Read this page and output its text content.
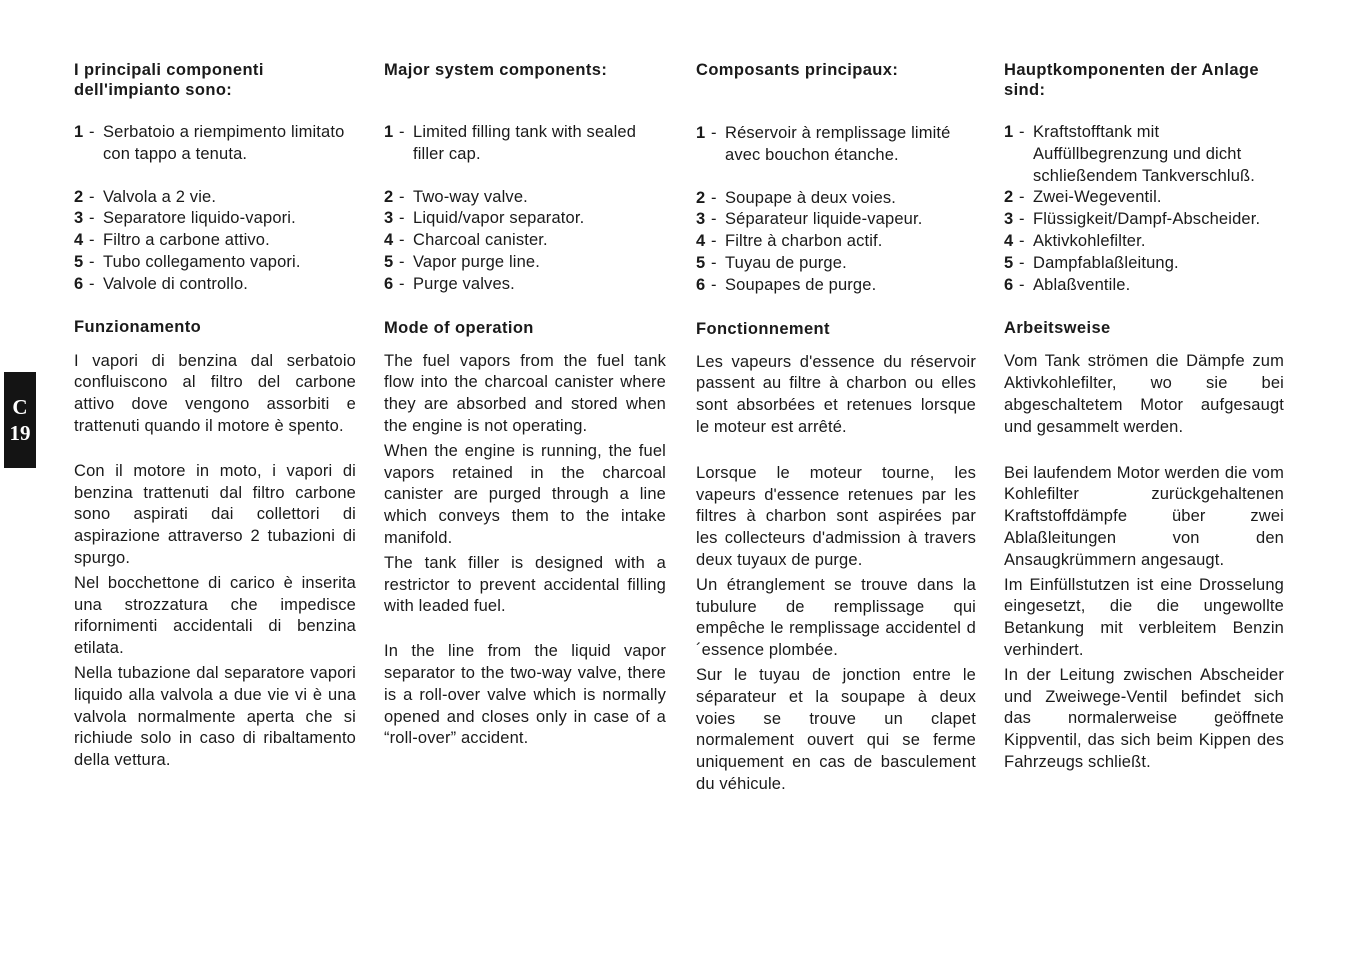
C
19
I principali componenti dell'impianto sono:
1 - Serbatoio a riempimento limitato con tappo a tenuta.
2 - Valvola a 2 vie.
3 - Separatore liquido-vapori.
4 - Filtro a carbone attivo.
5 - Tubo collegamento vapori.
6 - Valvole di controllo.
Funzionamento

I vapori di benzina dal serbatoio confluiscono al filtro del carbone attivo dove vengono assorbiti e trattenuti quando il motore è spento.

Con il motore in moto, i vapori di benzina trattenuti dal filtro carbone sono aspirati dai collettori di aspirazione attraverso 2 tubazioni di spurgo.

Nel bocchettone di carico è inserita una strozzatura che impedisce rifornimenti accidentali di benzina etilata.

Nella tubazione dal separatore vapori liquido alla valvola a due vie vi è una valvola normalmente aperta che si richiude solo in caso di ribaltamento della vettura.

Major system components:
1 - Limited filling tank with sealed filler cap.
2 - Two-way valve.
3 - Liquid/vapor separator.
4 - Charcoal canister.
5 - Vapor purge line.
6 - Purge valves.
Mode of operation

The fuel vapors from the fuel tank flow into the charcoal canister where they are absorbed and stored when the engine is not operating.

When the engine is running, the fuel vapors retained in the charcoal canister are purged through a line which conveys them to the intake manifold.

The tank filler is designed with a restrictor to prevent accidental filling with leaded fuel.

In the line from the liquid vapor separator to the two-way valve, there is a roll-over valve which is normally opened and closes only in case of a “roll-over” accident.

Composants principaux:
1 - Réservoir à remplissage limité avec bouchon étanche.
2 - Soupape à deux voies.
3 - Séparateur liquide-vapeur.
4 - Filtre à charbon actif.
5 - Tuyau de purge.
6 - Soupapes de purge.
Fonctionnement

Les vapeurs d'essence du réservoir passent au filtre à charbon ou elles sont absorbées et retenues lorsque le moteur est arrêté.

Lorsque le moteur tourne, les vapeurs d'essence retenues par les filtres à charbon sont aspirées par les collecteurs d'admission à travers deux tuyaux de purge.

Un étranglement se trouve dans la tubulure de remplissage qui empêche le remplissage accidentel d´essence plombée.

Sur le tuyau de jonction entre le séparateur et la soupape à deux voies se trouve un clapet normalement ouvert qui se ferme uniquement en cas de basculement du véhicule.

Hauptkomponenten der Anlage sind:
1 - Kraftstofftank mit Auffüllbegrenzung und dicht schließendem Tankverschluß.
2 - Zwei-Wegeventil.
3 - Flüssigkeit/Dampf-Abscheider.
4 - Aktivkohlefilter.
5 - Dampfablaßleitung.
6 - Ablaßventile.
Arbeitsweise

Vom Tank strömen die Dämpfe zum Aktivkohlefilter, wo sie bei abgeschaltetem Motor aufgesaugt und gesammelt werden.

Bei laufendem Motor werden die vom Kohlefilter zurückgehaltenen Kraftstoffdämpfe über zwei Ablaßleitungen von den Ansaugkrümmern angesaugt.

Im Einfüllstutzen ist eine Drosselung eingesetzt, die die ungewollte Betankung mit verbleitem Benzin verhindert.

In der Leitung zwischen Abscheider und Zweiwege-Ventil befindet sich das normalerweise geöffnete Kippventil, das sich beim Kippen des Fahrzeugs schließt.
